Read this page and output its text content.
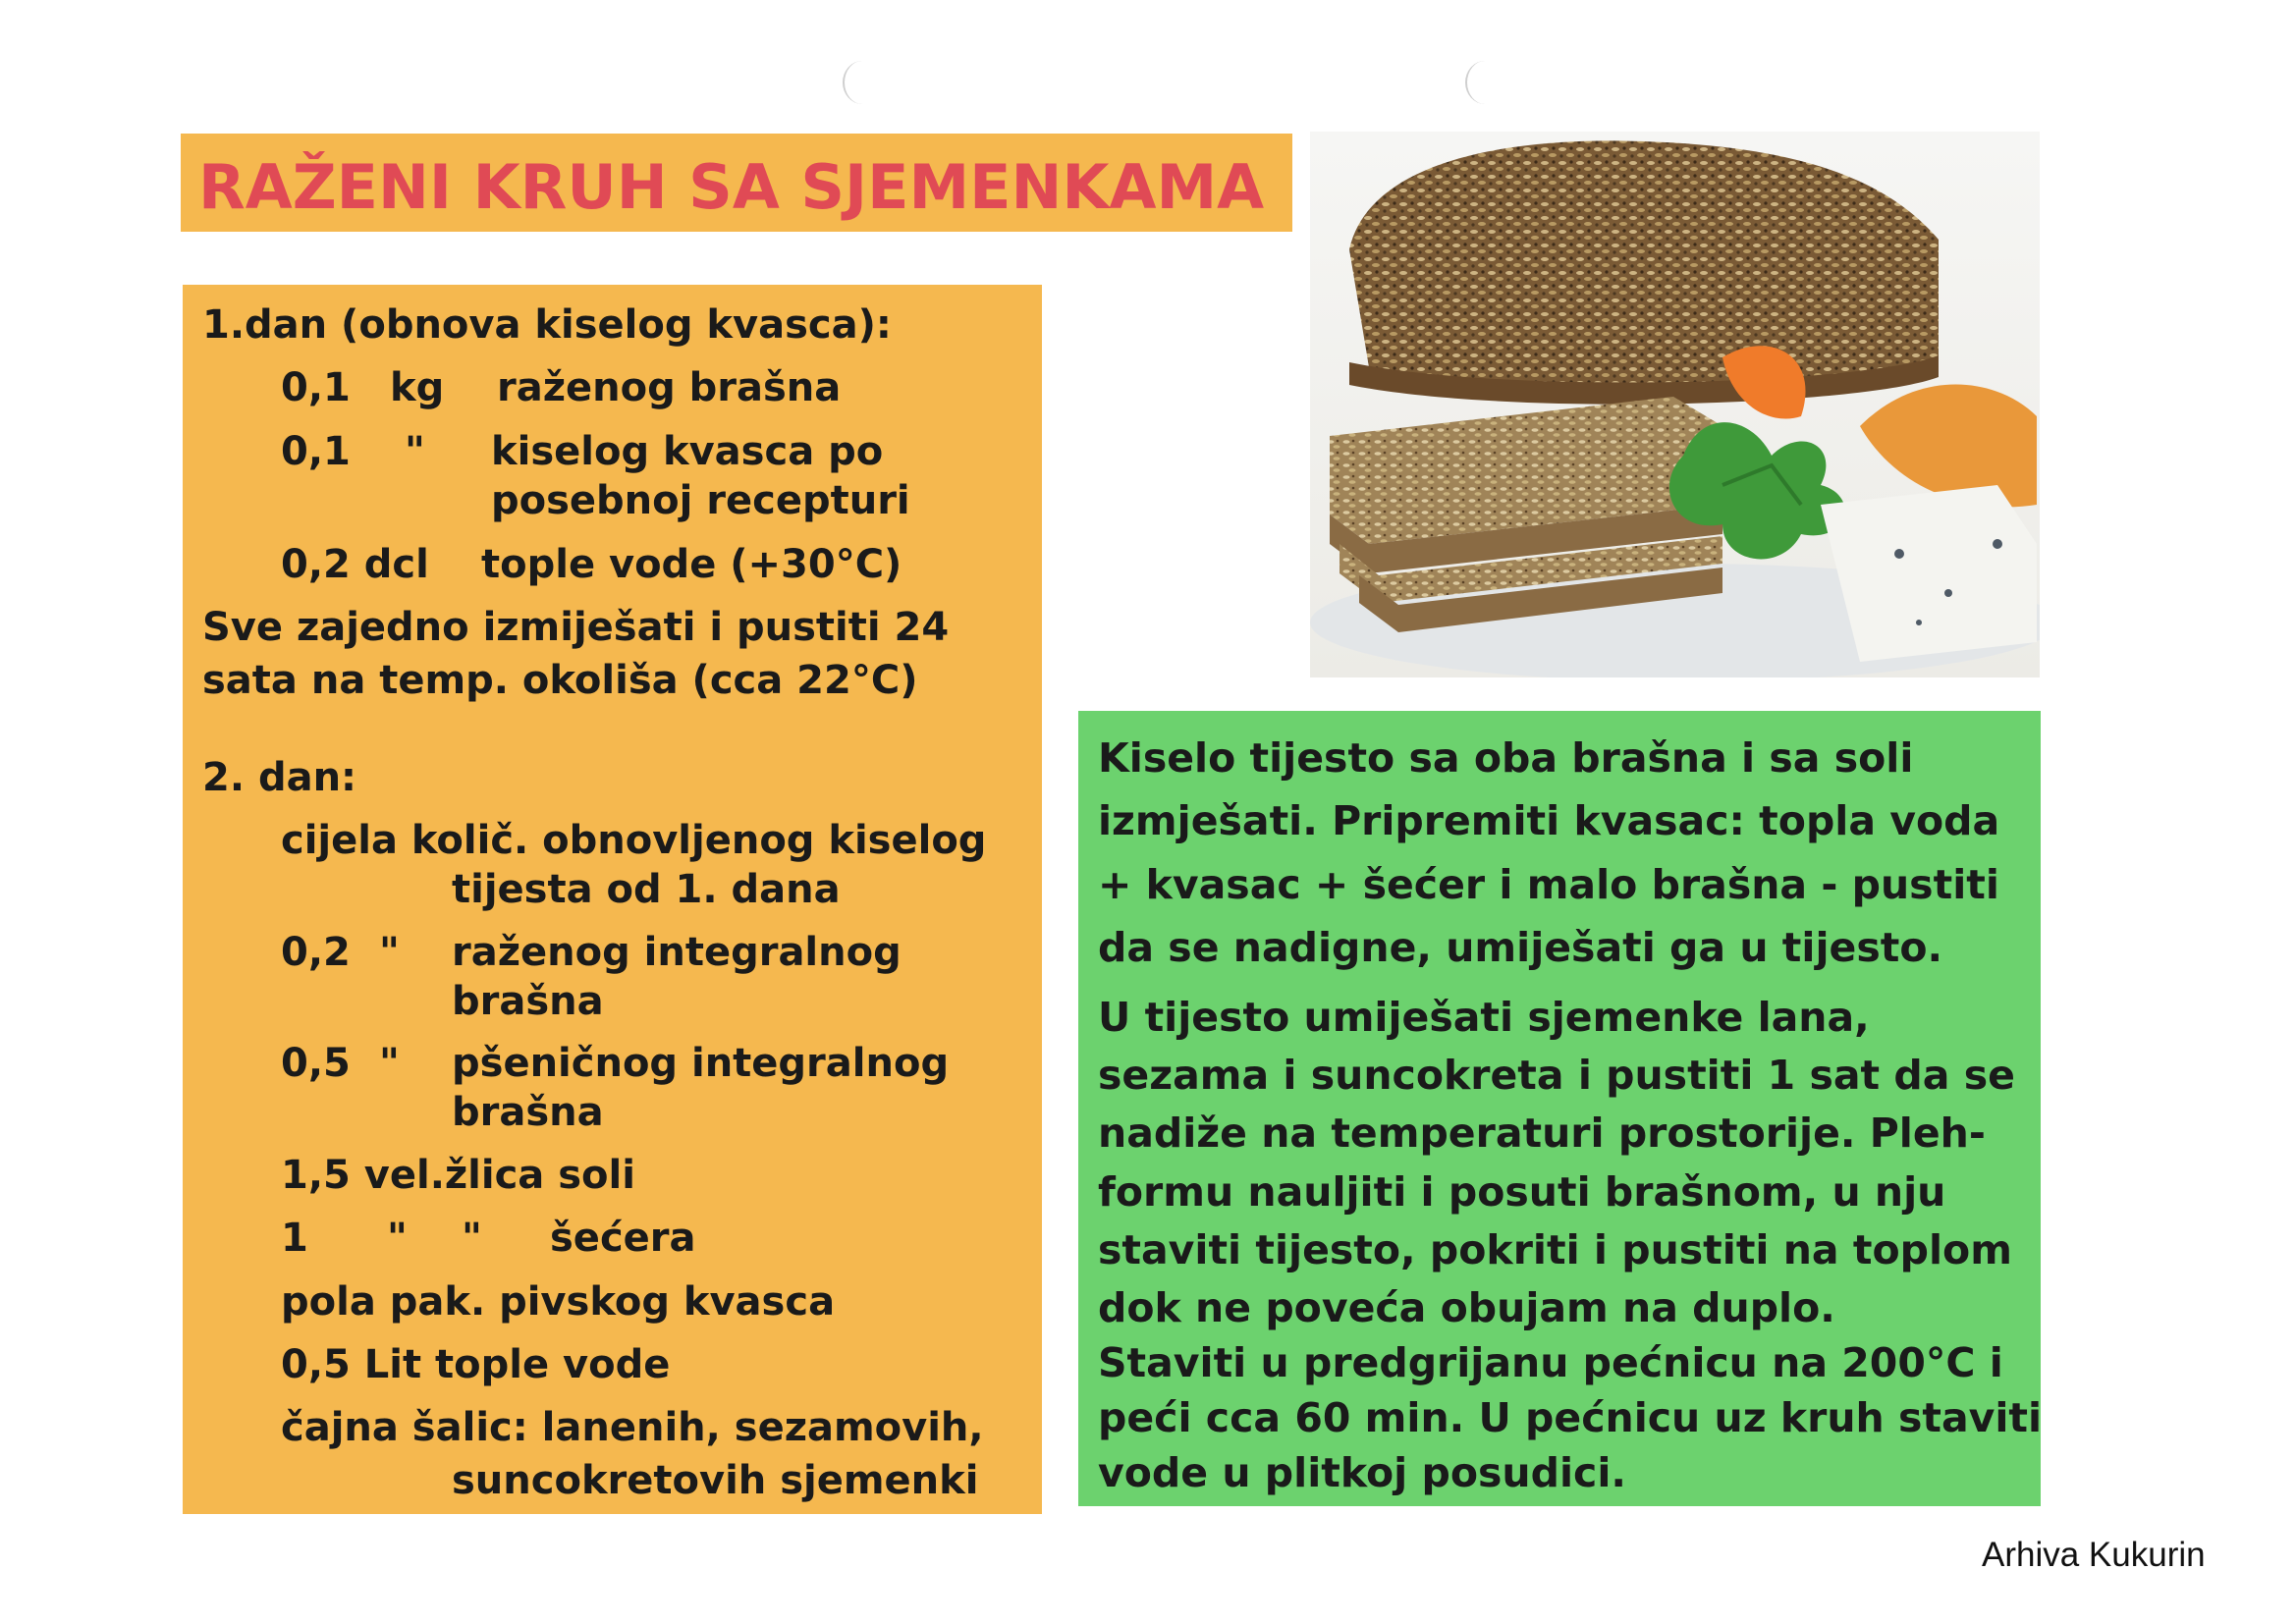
RAŽENI KRUH SA SJEMENKAMA

1.dan (obnova kiselog kvasca):

0,1 kg raženog brašna

0,1 " kiselog kvasca po

posebnoj recepturi

0,2 dcl tople vode (+30°C)

Sve zajedno izmiješati i pustiti 24

sata na temp. okoliša (cca 22°C)

2. dan:

cijela količ. obnovljenog kiselog

tijesta od 1. dana

0,2 " raženog integralnog

brašna

0,5 " pšeničnog integralnog

brašna

1,5 vel.žlica soli

1 " " šećera

pola pak. pivskog kvasca

0,5 Lit tople vode

čajna šalic: lanenih, sezamovih,

suncokretovih sjemenki

Kiselo tijesto sa oba brašna i sa soli

izmješati. Pripremiti kvasac: topla voda

+ kvasac + šećer i malo brašna - pustiti

da se nadigne, umiješati ga u tijesto.

U tijesto umiješati sjemenke lana,

sezama i suncokreta i pustiti 1 sat da se

nadiže na temperaturi prostorije. Pleh-

formu nauljiti i posuti brašnom, u nju

staviti tijesto, pokriti i pustiti na toplom

dok ne poveća obujam na duplo.

Staviti u predgrijanu pećnicu na 200°C i

peći cca 60 min. U pećnicu uz kruh staviti

vode u plitkoj posudici.

Arhiva Kukurin
